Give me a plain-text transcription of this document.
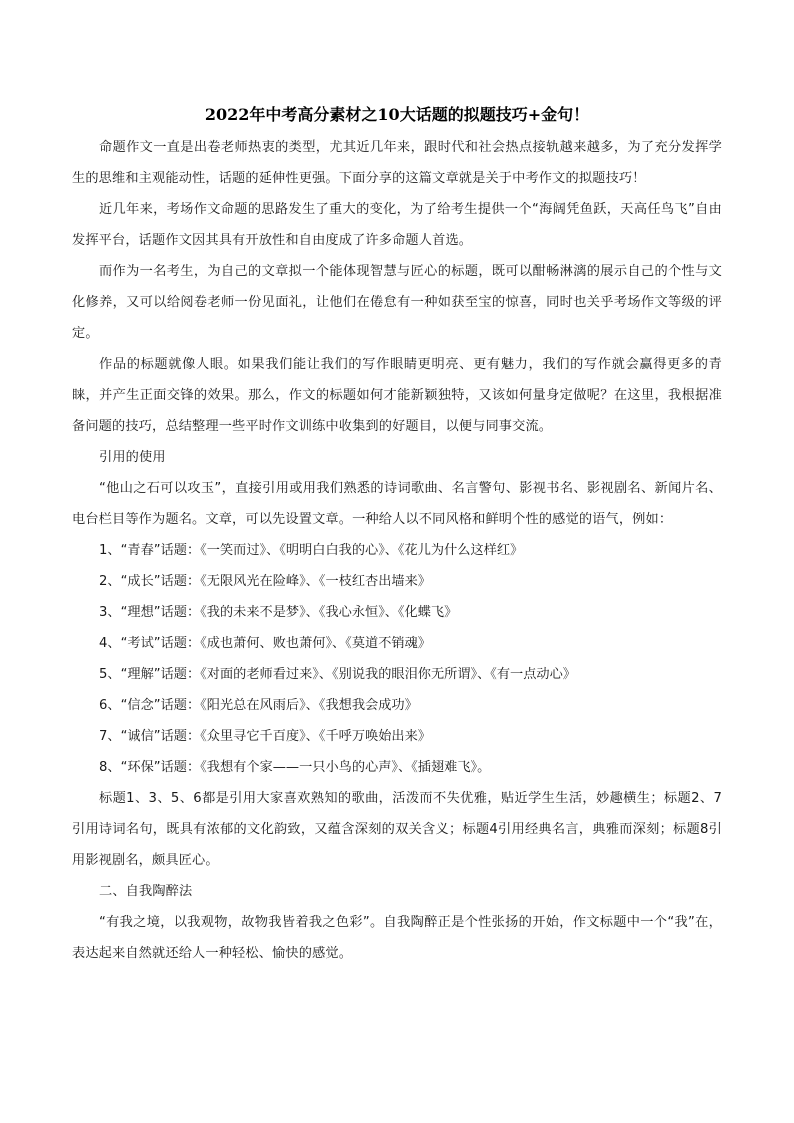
2022年中考高分素材之10大话题的拟题技巧+金句！

命题作文一直是出卷老师热衷的类型，尤其近几年来，跟时代和社会热点接轨越来越多，为了充分发挥学生的思维和主观能动性，话题的延伸性更强。下面分享的这篇文章就是关于中考作文的拟题技巧！

近几年来，考场作文命题的思路发生了重大的变化，为了给考生提供一个“海阔凭鱼跃，天高任鸟飞”自由发挥平台，话题作文因其具有开放性和自由度成了许多命题人首选。

而作为一名考生，为自己的文章拟一个能体现智慧与匠心的标题，既可以酣畅淋漓的展示自己的个性与文化修养，又可以给阅卷老师一份见面礼，让他们在倦怠有一种如获至宝的惊喜，同时也关乎考场作文等级的评定。

作品的标题就像人眼。如果我们能让我们的写作眼睛更明亮、更有魅力，我们的写作就会赢得更多的青睐，并产生正面交锋的效果。那么，作文的标题如何才能新颖独特，又该如何量身定做呢？在这里，我根据准备问题的技巧，总结整理一些平时作文训练中收集到的好题目，以便与同事交流。

引用的使用

“他山之石可以攻玉”，直接引用或用我们熟悉的诗词歌曲、名言警句、影视书名、影视剧名、新闻片名、电台栏目等作为题名。文章，可以先设置文章。一种给人以不同风格和鲜明个性的感觉的语气，例如：

1、“青春”话题：《一笑而过》、《明明白白我的心》、《花儿为什么这样红》

2、“成长”话题：《无限风光在险峰》、《一枝红杏出墙来》

3、“理想”话题：《我的未来不是梦》、《我心永恒》、《化蝶飞》

4、“考试”话题：《成也萧何、败也萧何》、《莫道不销魂》

5、“理解”话题：《对面的老师看过来》、《别说我的眼泪你无所谓》、《有一点动心》

6、“信念”话题：《阳光总在风雨后》、《我想我会成功》

7、“诚信”话题：《众里寻它千百度》、《千呼万唤始出来》

8、“环保”话题：《我想有个家——一只小鸟的心声》、《插翅难飞》。

标题1、3、5、6都是引用大家喜欢熟知的歌曲，活泼而不失优雅，贴近学生生活，妙趣横生；标题2、7引用诗词名句，既具有浓郁的文化韵致，又蕴含深刻的双关含义；标题4引用经典名言，典雅而深刻；标题8引用影视剧名，颇具匠心。

二、自我陶醉法

“有我之境，以我观物，故物我皆着我之色彩”。自我陶醉正是个性张扬的开始，作文标题中一个“我”在，表达起来自然就还给人一种轻松、愉快的感觉。
